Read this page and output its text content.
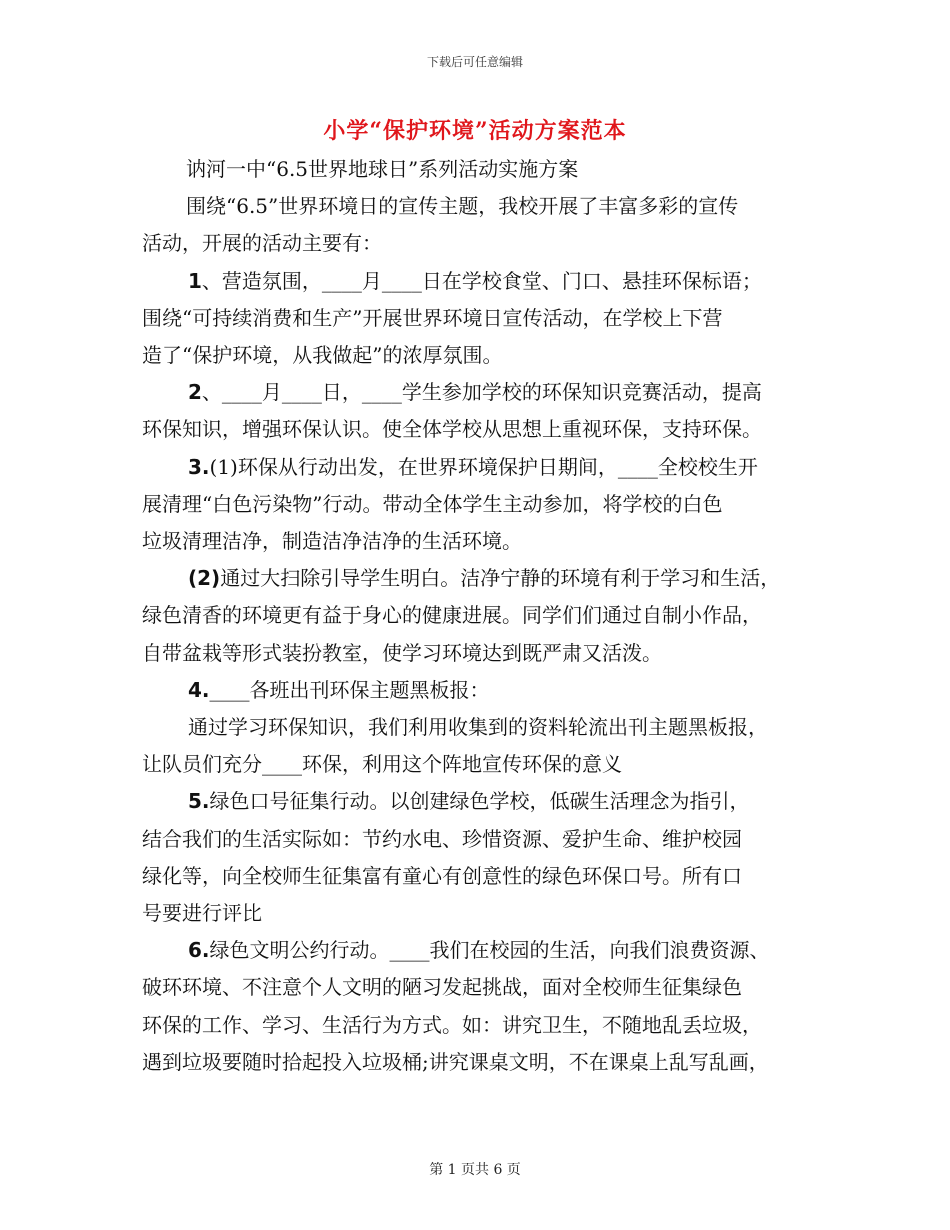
下载后可任意编辑
小学“保护环境”活动方案范本
讷河一中“6.5世界地球日”系列活动实施方案
围绕“6.5”世界环境日的宣传主题，我校开展了丰富多彩的宣传
活动，开展的活动主要有：
1、营造氛围，____月____日在学校食堂、门口、悬挂环保标语；
围绕“可持续消费和生产”开展世界环境日宣传活动，在学校上下营
造了“保护环境，从我做起”的浓厚氛围。
2、____月____日，____学生参加学校的环保知识竞赛活动，提高
环保知识，增强环保认识。使全体学校从思想上重视环保，支持环保。
3.(1)环保从行动出发，在世界环境保护日期间，____全校校生开
展清理“白色污染物”行动。带动全体学生主动参加，将学校的白色
垃圾清理洁净，制造洁净洁净的生活环境。
(2)通过大扫除引导学生明白。洁净宁静的环境有利于学习和生活，
绿色清香的环境更有益于身心的健康进展。同学们们通过自制小作品，
自带盆栽等形式装扮教室，使学习环境达到既严肃又活泼。
4.____各班出刊环保主题黑板报：
通过学习环保知识，我们利用收集到的资料轮流出刊主题黑板报，
让队员们充分____环保，利用这个阵地宣传环保的意义
5.绿色口号征集行动。以创建绿色学校，低碳生活理念为指引，
结合我们的生活实际如：节约水电、珍惜资源、爱护生命、维护校园
绿化等，向全校师生征集富有童心有创意性的绿色环保口号。所有口
号要进行评比
6.绿色文明公约行动。____我们在校园的生活，向我们浪费资源、
破环环境、不注意个人文明的陋习发起挑战，面对全校师生征集绿色
环保的工作、学习、生活行为方式。如：讲究卫生，不随地乱丢垃圾，
遇到垃圾要随时拾起投入垃圾桶;讲究课桌文明，不在课桌上乱写乱画，
第 1 页共 6 页
